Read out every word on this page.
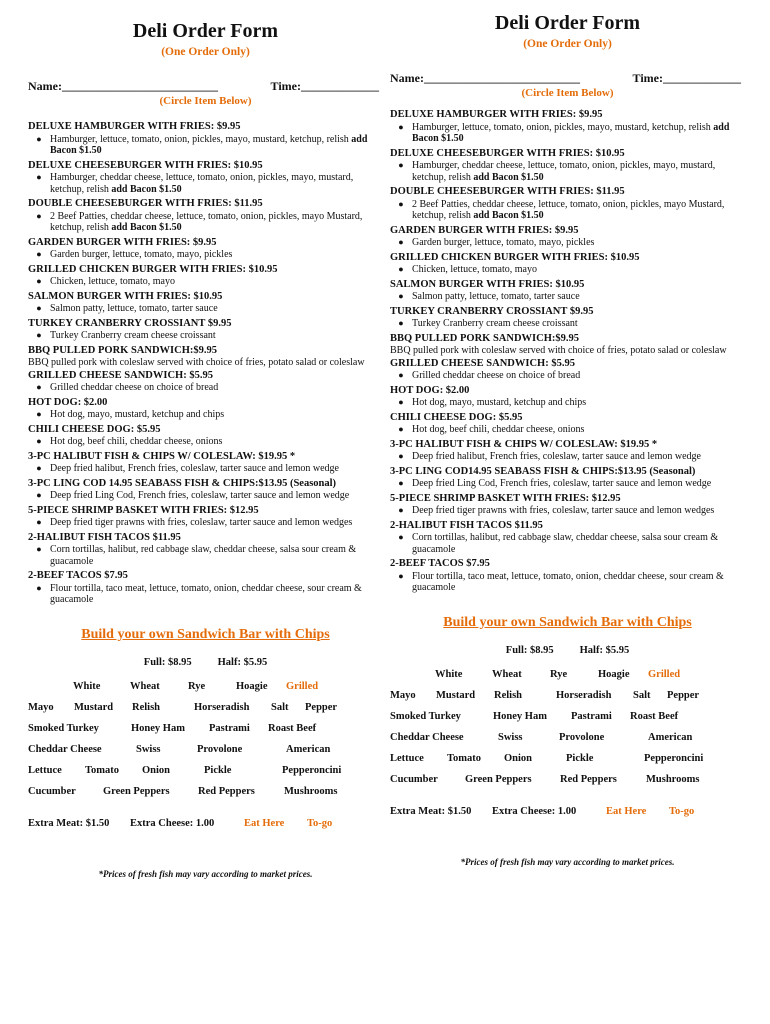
Deli Order Form
(One Order Only)
Name:__________________________	Time:_____________
(Circle Item Below)
DELUXE HAMBURGER WITH FRIES: $9.95
● Hamburger, lettuce, tomato, onion, pickles, mayo, mustard, ketchup, relish add Bacon $1.50
DELUXE CHEESEBURGER WITH FRIES: $10.95
● Hamburger, cheddar cheese, lettuce, tomato, onion, pickles, mayo, mustard, ketchup, relish add Bacon $1.50
DOUBLE CHEESEBURGER WITH FRIES: $11.95
● 2 Beef Patties, cheddar cheese, lettuce, tomato, onion, pickles, mayo Mustard, ketchup, relish add Bacon $1.50
GARDEN BURGER WITH FRIES: $9.95
● Garden burger, lettuce, tomato, mayo, pickles
GRILLED CHICKEN BURGER WITH FRIES: $10.95
● Chicken, lettuce, tomato, mayo
SALMON BURGER WITH FRIES: $10.95
● Salmon patty, lettuce, tomato, tarter sauce
TURKEY CRANBERRY CROSSIANT $9.95
● Turkey Cranberry cream cheese croissant
BBQ PULLED PORK SANDWICH:$9.95
BBQ pulled pork with coleslaw served with choice of fries, potato salad or coleslaw
GRILLED CHEESE SANDWICH: $5.95
● Grilled cheddar cheese on choice of bread
HOT DOG: $2.00
● Hot dog, mayo, mustard, ketchup and chips
CHILI CHEESE DOG: $5.95
● Hot dog, beef chili, cheddar cheese, onions
3-PC HALIBUT FISH & CHIPS W/ COLESLAW: $19.95 *
● Deep fried halibut, French fries, coleslaw, tarter sauce and lemon wedge
3-PC LING COD 14.95 SEABASS FISH & CHIPS:$13.95 (Seasonal)
● Deep fried Ling Cod, French fries, coleslaw, tarter sauce and lemon wedge
5-PIECE SHRIMP BASKET WITH FRIES: $12.95
● Deep fried tiger prawns with fries, coleslaw, tarter sauce and lemon wedges
2-HALIBUT FISH TACOS $11.95
● Corn tortillas, halibut, red cabbage slaw, cheddar cheese, salsa sour cream & guacamole
2-BEEF TACOS $7.95
● Flour tortilla, taco meat, lettuce, tomato, onion, cheddar cheese, sour cream & guacamole
Build your own Sandwich Bar with Chips
Full: $8.95 Half: $5.95
White	Wheat	Rye	Hoagie Grilled
Mayo Mustard Relish	Horseradish Salt Pepper
Smoked Turkey	Honey Ham Pastrami Roast Beef
Cheddar Cheese	Swiss	Provolone	American
Lettuce Tomato Onion	Pickle	Pepperoncini
Cucumber	Green Peppers	Red Peppers	Mushrooms
Extra Meat: $1.50 Extra Cheese: 1.00	Eat Here To-go
*Prices of fresh fish may vary according to market prices.
Deli Order Form
(One Order Only)
Name:__________________________	Time:_____________
(Circle Item Below)
DELUXE HAMBURGER WITH FRIES: $9.95
● Hamburger, lettuce, tomato, onion, pickles, mayo, mustard, ketchup, relish add Bacon $1.50
DELUXE CHEESEBURGER WITH FRIES: $10.95
● Hamburger, cheddar cheese, lettuce, tomato, onion, pickles, mayo, mustard, ketchup, relish add Bacon $1.50
DOUBLE CHEESEBURGER WITH FRIES: $11.95
● 2 Beef Patties, cheddar cheese, lettuce, tomato, onion, pickles, mayo Mustard, ketchup, relish add Bacon $1.50
GARDEN BURGER WITH FRIES: $9.95
● Garden burger, lettuce, tomato, mayo, pickles
GRILLED CHICKEN BURGER WITH FRIES: $10.95
● Chicken, lettuce, tomato, mayo
SALMON BURGER WITH FRIES: $10.95
● Salmon patty, lettuce, tomato, tarter sauce
TURKEY CRANBERRY CROSSIANT $9.95
● Turkey Cranberry cream cheese croissant
BBQ PULLED PORK SANDWICH:$9.95
BBQ pulled pork with coleslaw served with choice of fries, potato salad or coleslaw
GRILLED CHEESE SANDWICH: $5.95
● Grilled cheddar cheese on choice of bread
HOT DOG: $2.00
● Hot dog, mayo, mustard, ketchup and chips
CHILI CHEESE DOG: $5.95
● Hot dog, beef chili, cheddar cheese, onions
3-PC HALIBUT FISH & CHIPS W/ COLESLAW: $19.95 *
● Deep fried halibut, French fries, coleslaw, tarter sauce and lemon wedge
3-PC LING COD14.95 SEABASS FISH & CHIPS:$13.95 (Seasonal)
● Deep fried Ling Cod, French fries, coleslaw, tarter sauce and lemon wedge
5-PIECE SHRIMP BASKET WITH FRIES: $12.95
● Deep fried tiger prawns with fries, coleslaw, tarter sauce and lemon wedges
2-HALIBUT FISH TACOS $11.95
● Corn tortillas, halibut, red cabbage slaw, cheddar cheese, salsa sour cream & guacamole
2-BEEF TACOS $7.95
● Flour tortilla, taco meat, lettuce, tomato, onion, cheddar cheese, sour cream & guacamole
Build your own Sandwich Bar with Chips
Full: $8.95 Half: $5.95
White	Wheat	Rye	Hoagie Grilled
Mayo Mustard Relish	Horseradish Salt Pepper
Smoked Turkey	Honey Ham Pastrami Roast Beef
Cheddar Cheese	Swiss	Provolone	American
Lettuce Tomato Onion	Pickle	Pepperoncini
Cucumber	Green Peppers	Red Peppers	Mushrooms
Extra Meat: $1.50 Extra Cheese: 1.00	Eat Here To-go
*Prices of fresh fish may vary according to market prices.
